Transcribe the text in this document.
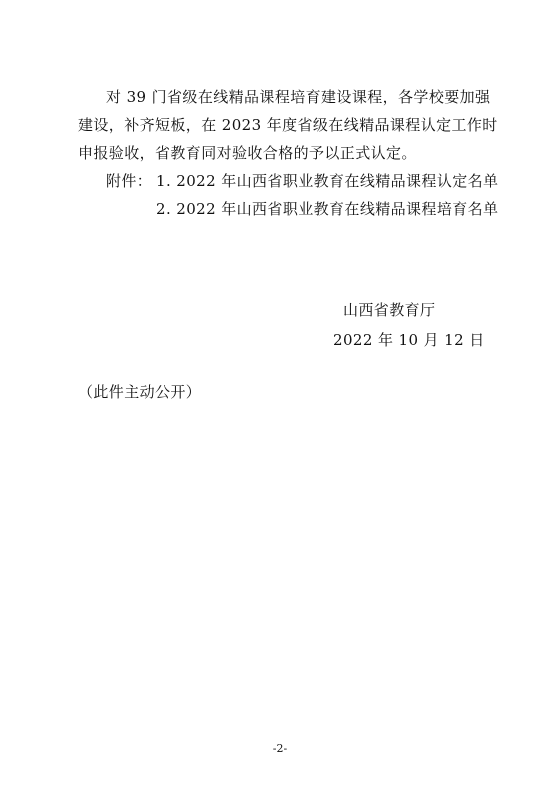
对 39 门省级在线精品课程培育建设课程，各学校要加强
建设，补齐短板，在 2023 年度省级在线精品课程认定工作时
申报验收，省教育同对验收合格的予以正式认定。
附件： 1. 2022 年山西省职业教育在线精品课程认定名单
2. 2022 年山西省职业教育在线精品课程培育名单
山西省教育厅
2022 年 10 月 12 日
（此件主动公开）
-2-
